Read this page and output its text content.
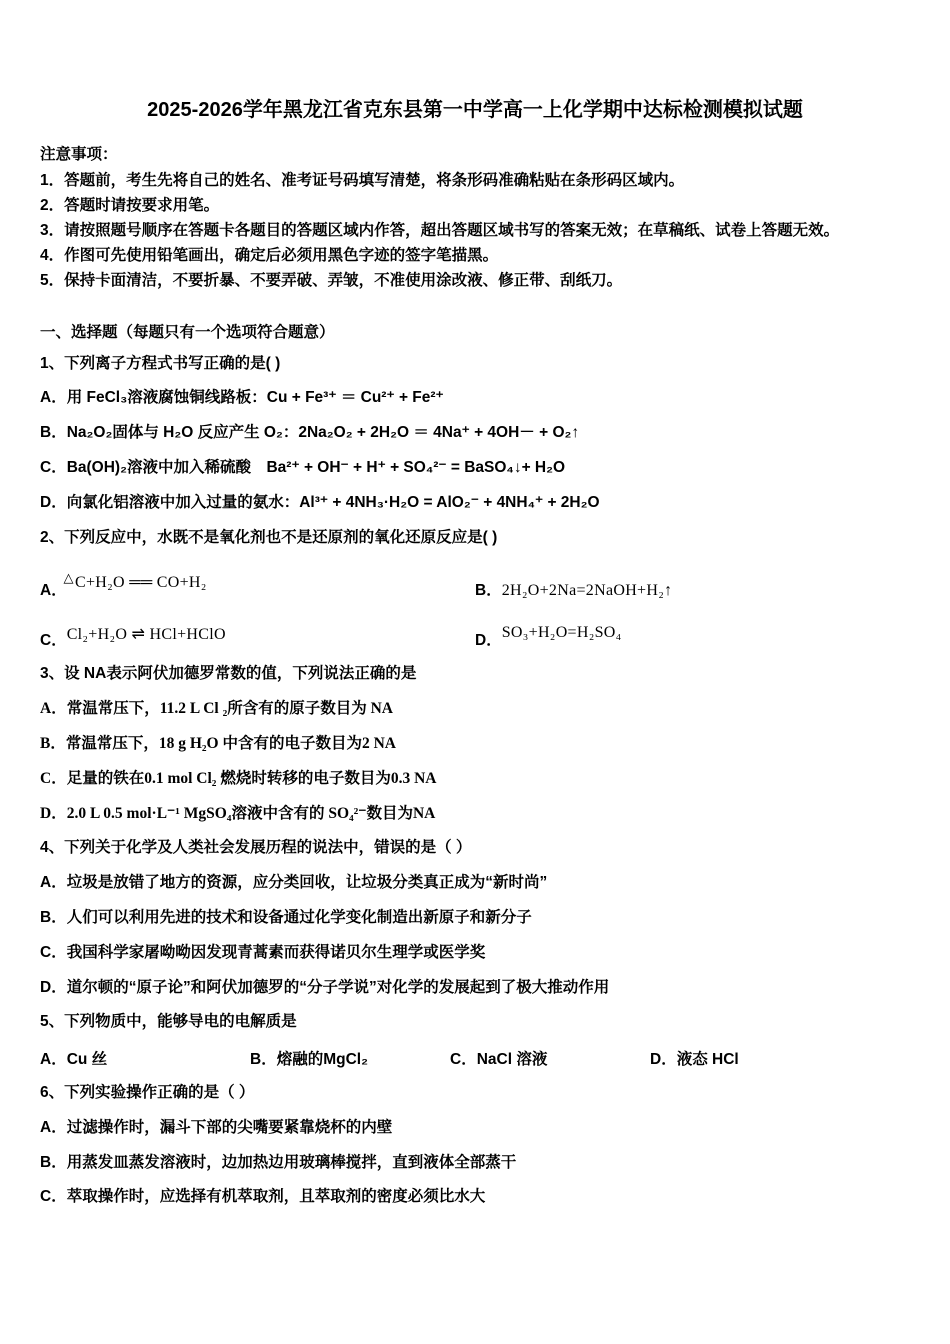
2025-2026学年黑龙江省克东县第一中学高一上化学期中达标检测模拟试题
注意事项：
1．答题前，考生先将自己的姓名、准考证号码填写清楚，将条形码准确粘贴在条形码区域内。
2．答题时请按要求用笔。
3．请按照题号顺序在答题卡各题目的答题区域内作答，超出答题区域书写的答案无效；在草稿纸、试卷上答题无效。
4．作图可先使用铅笔画出，确定后必须用黑色字迹的签字笔描黑。
5．保持卡面清洁，不要折暴、不要弄破、弄皱，不准使用涂改液、修正带、刮纸刀。
一、选择题（每题只有一个选项符合题意）
1、下列离子方程式书写正确的是( )
A．用 FeCl₃溶液腐蚀铜线路板：Cu + Fe³⁺ ＝ Cu²⁺ + Fe²⁺
B．Na₂O₂固体与 H₂O 反应产生 O₂：2Na₂O₂ + 2H₂O ＝ 4Na⁺ + 4OH－ + O₂↑
C．Ba(OH)₂溶液中加入稀硫酸　Ba²⁺ + OH⁻ + H⁺ + SO₄²⁻ = BaSO₄↓+ H₂O
D．向氯化铝溶液中加入过量的氨水：Al³⁺ + 4NH₃·H₂O = AlO₂⁻ + 4NH₄⁺ + 2H₂O
2、下列反应中，水既不是氧化剂也不是还原剂的氧化还原反应是( )
A．
△ C+H₂O ══ CO+H₂	B． 2H₂O+2Na=2NaOH+H₂↑
C． Cl₂+H₂O ⇌ HCl+HClO	D． SO₃+H₂O=H₂SO₄
3、设 NA表示阿伏加德罗常数的值，下列说法正确的是
A．常温常压下，11.2 L Cl ₂所含有的原子数目为 NA
B．常温常压下，18 g H₂O 中含有的电子数目为2 NA
C．足量的铁在0.1 mol Cl₂ 燃烧时转移的电子数目为0.3 NA
D．2.0 L 0.5 mol·L⁻¹ MgSO₄溶液中含有的 SO₄²⁻数目为NA
4、下列关于化学及人类社会发展历程的说法中，错误的是（ ）
A．垃圾是放错了地方的资源，应分类回收，让垃圾分类真正成为“新时尚”
B．人们可以利用先进的技术和设备通过化学变化制造出新原子和新分子
C．我国科学家屠呦呦因发现青蒿素而获得诺贝尔生理学或医学奖
D．道尔顿的“原子论”和阿伏加德罗的“分子学说”对化学的发展起到了极大推动作用
5、下列物质中，能够导电的电解质是
A．Cu 丝	B．熔融的MgCl₂	C．NaCl 溶液	D．液态 HCl
6、下列实验操作正确的是（ ）
A．过滤操作时，漏斗下部的尖嘴要紧靠烧杯的内壁
B．用蒸发皿蒸发溶液时，边加热边用玻璃棒搅拌，直到液体全部蒸干
C．萃取操作时，应选择有机萃取剂，且萃取剂的密度必须比水大
